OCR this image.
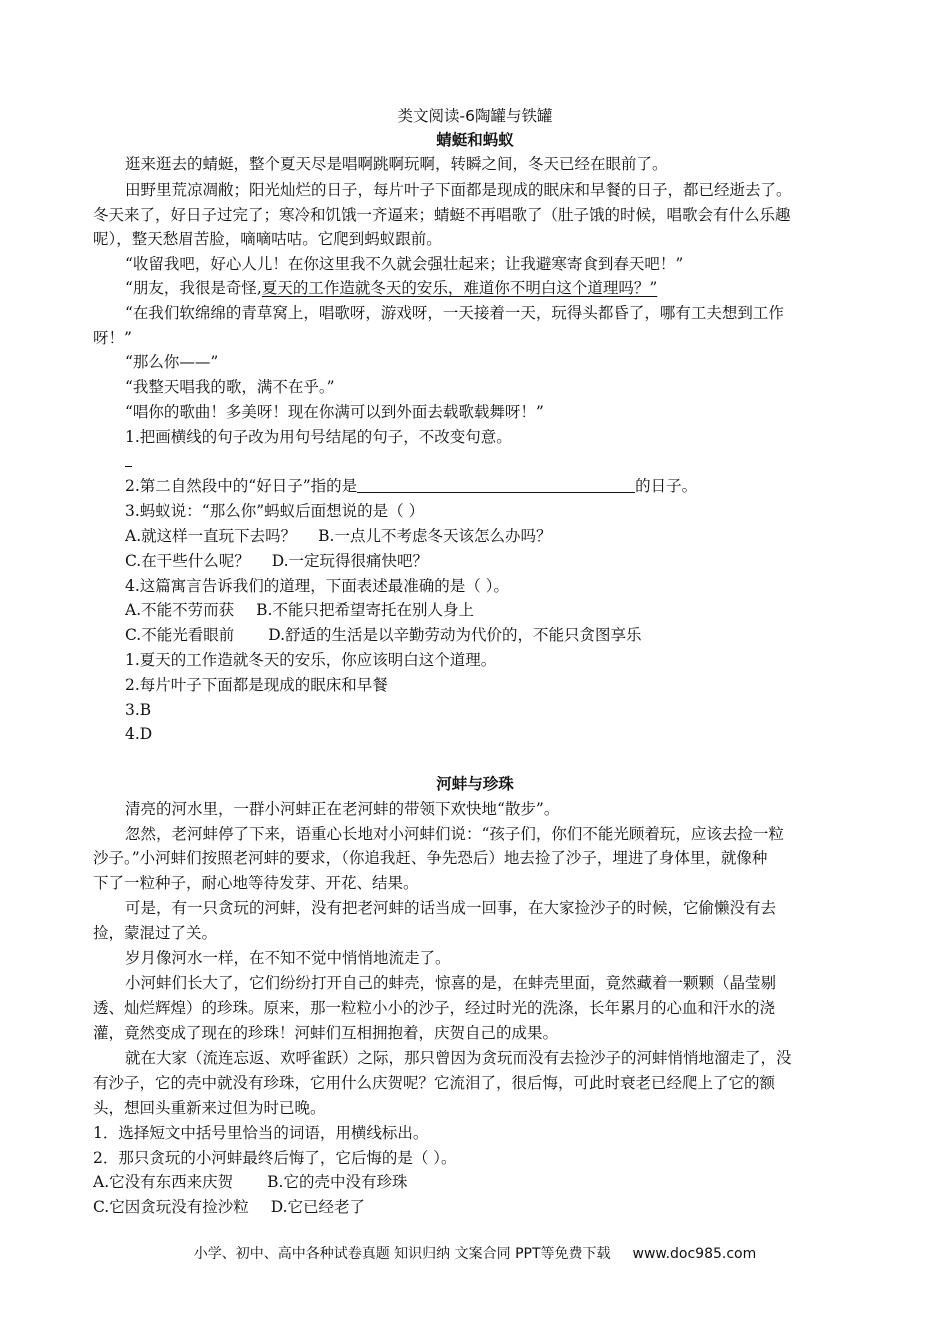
类文阅读-6陶罐与铁罐
蜻蜓和蚂蚁
逛来逛去的蜻蜓，整个夏天尽是唱啊跳啊玩啊，转瞬之间，冬天已经在眼前了。
田野里荒凉凋敝；阳光灿烂的日子，每片叶子下面都是现成的眠床和早餐的日子，都已经逝去了。
冬天来了，好日子过完了；寒冷和饥饿一齐逼来；蜻蜓不再唱歌了（肚子饿的时候，唱歌会有什么乐趣
呢），整天愁眉苦脸，嘀嘀咕咕。它爬到蚂蚁跟前。
“收留我吧，好心人儿！在你这里我不久就会强壮起来；让我避寒寄食到春天吧！”
“朋友，我很是奇怪,夏天的工作造就冬天的安乐，难道你不明白这个道理吗？”
“在我们软绵绵的青草窝上，唱歌呀，游戏呀，一天接着一天，玩得头都昏了，哪有工夫想到工作
呀！”
“那么你——”
“我整天唱我的歌，满不在乎。”
“唱你的歌曲！多美呀！现在你满可以到外面去载歌载舞呀！”
1.把画横线的句子改为用句号结尾的句子，不改变句意。
2.第二自然段中的“好日子”指的是	的日子。
3.蚂蚁说：“那么你”蚂蚁后面想说的是（ ）
A.就这样一直玩下去吗？ B.一点儿不考虑冬天该怎么办吗？
C.在干些什么呢？ D.一定玩得很痛快吧？
4.这篇寓言告诉我们的道理，下面表述最准确的是（ ）。
A.不能不劳而获 B.不能只把希望寄托在别人身上
C.不能光看眼前 D.舒适的生活是以辛勤劳动为代价的，不能只贪图享乐
1.夏天的工作造就冬天的安乐，你应该明白这个道理。
2.每片叶子下面都是现成的眠床和早餐
3.B
4.D
河蚌与珍珠
清亮的河水里，一群小河蚌正在老河蚌的带领下欢快地“散步”。
忽然，老河蚌停了下来，语重心长地对小河蚌们说：“孩子们，你们不能光顾着玩，应该去捡一粒
沙子。”小河蚌们按照老河蚌的要求，（你追我赶、争先恐后）地去捡了沙子，埋进了身体里，就像种
下了一粒种子，耐心地等待发芽、开花、结果。
可是，有一只贪玩的河蚌，没有把老河蚌的话当成一回事，在大家捡沙子的时候，它偷懒没有去
捡，蒙混过了关。
岁月像河水一样，在不知不觉中悄悄地流走了。
小河蚌们长大了，它们纷纷打开自己的蚌壳，惊喜的是，在蚌壳里面，竟然藏着一颗颗（晶莹剔
透、灿烂辉煌）的珍珠。原来，那一粒粒小小的沙子，经过时光的洗涤，长年累月的心血和汗水的浇
灌，竟然变成了现在的珍珠！河蚌们互相拥抱着，庆贺自己的成果。
就在大家（流连忘返、欢呼雀跃）之际，那只曾因为贪玩而没有去捡沙子的河蚌悄悄地溜走了，没
有沙子，它的壳中就没有珍珠，它用什么庆贺呢？它流泪了，很后悔，可此时衰老已经爬上了它的额
头，想回头重新来过但为时已晚。
1．选择短文中括号里恰当的词语，用横线标出。
2．那只贪玩的小河蚌最终后悔了，它后悔的是（ ）。
A.它没有东西来庆贺 B.它的壳中没有珍珠
C.它因贪玩没有捡沙粒 D.它已经老了
小学、初中、高中各种试卷真题 知识归纳 文案合同 PPT等免费下载 www.doc985.com
